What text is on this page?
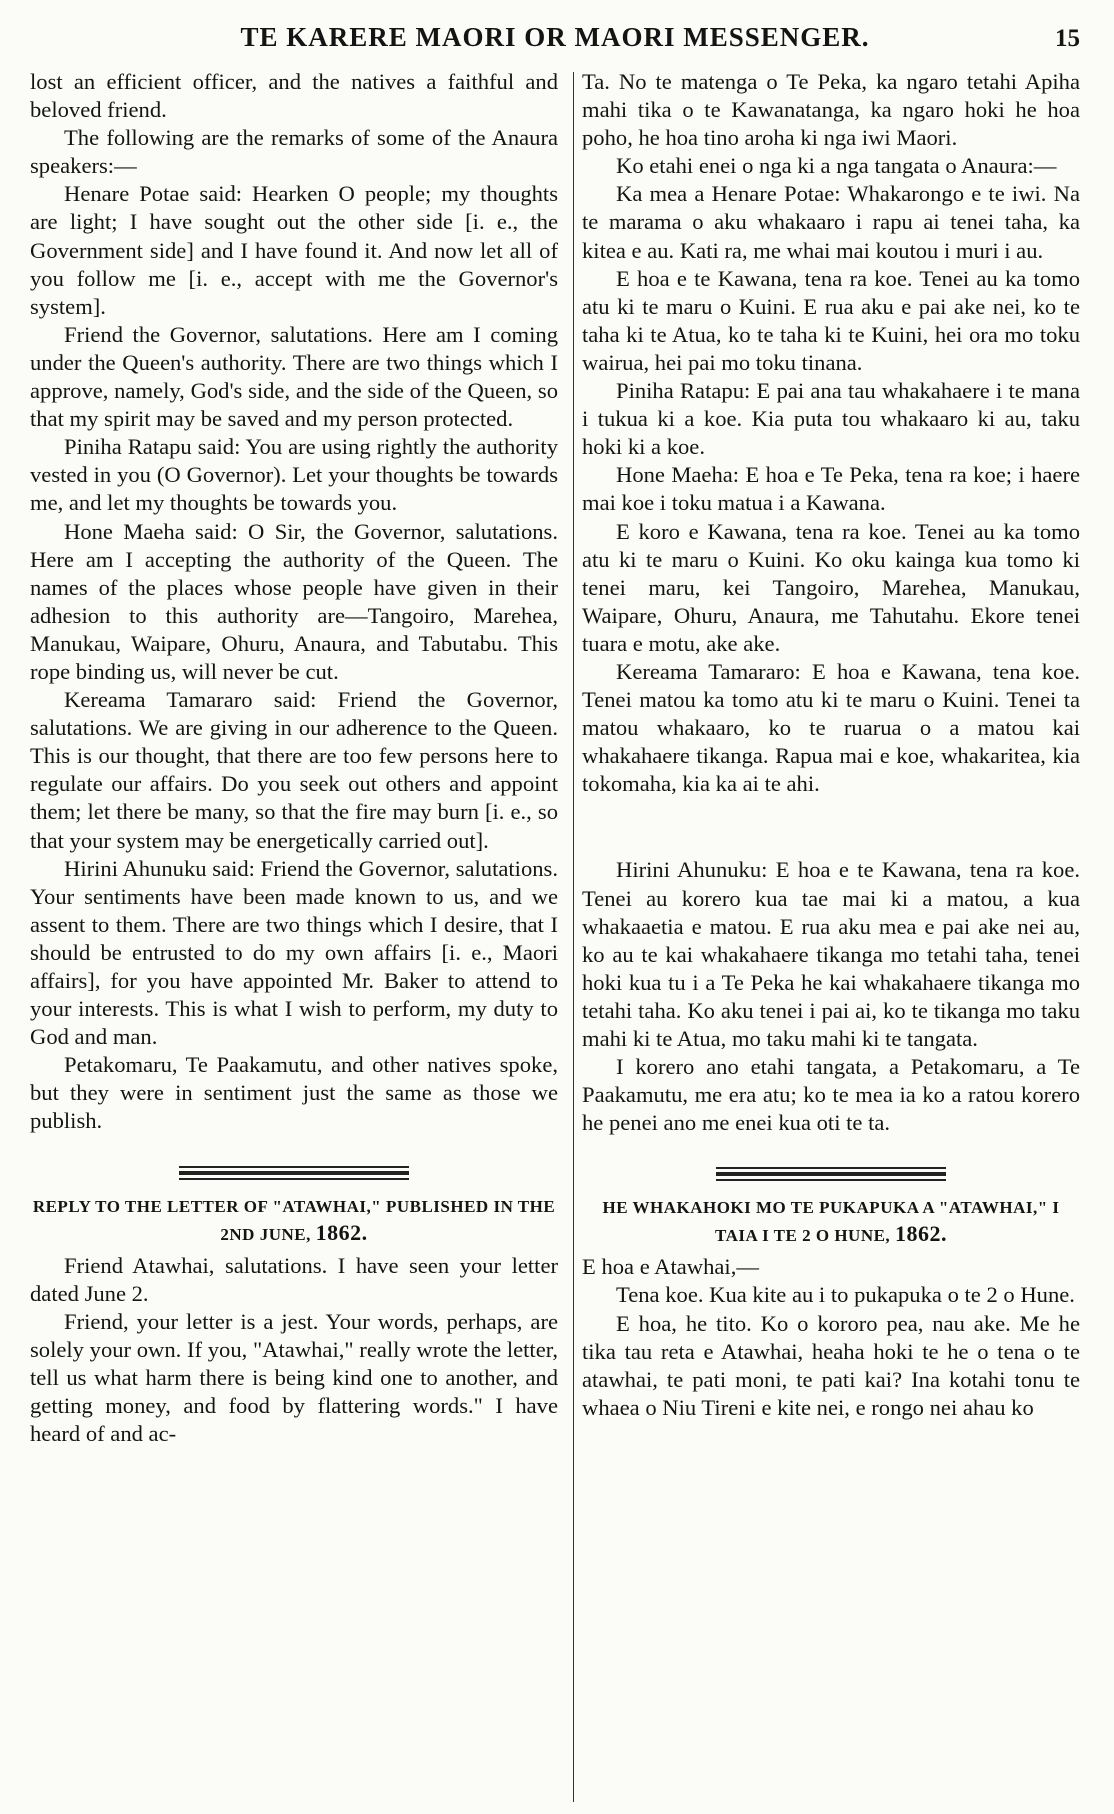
TE KARERE MAORI OR MAORI MESSENGER.	15

lost an efficient officer, and the natives a faithful and beloved friend.

The following are the remarks of some of the Anaura speakers:—

Henare Potae said: Hearken O people; my thoughts are light; I have sought out the other side [i. e., the Government side] and I have found it. And now let all of you follow me [i. e., accept with me the Governor's system].

Friend the Governor, salutations. Here am I coming under the Queen's authority. There are two things which I approve, namely, God's side, and the side of the Queen, so that my spirit may be saved and my person protected.

Piniha Ratapu said: You are using rightly the authority vested in you (O Governor). Let your thoughts be towards me, and let my thoughts be towards you.

Hone Maeha said: O Sir, the Governor, salutations. Here am I accepting the authority of the Queen. The names of the places whose people have given in their adhesion to this authority are—Tangoiro, Marehea, Manukau, Waipare, Ohuru, Anaura, and Tabutabu. This rope binding us, will never be cut.

Kereama Tamararo said: Friend the Governor, salutations. We are giving in our adherence to the Queen. This is our thought, that there are too few persons here to regulate our affairs. Do you seek out others and appoint them; let there be many, so that the fire may burn [i. e., so that your system may be energetically carried out].

Hirini Ahunuku said: Friend the Governor, salutations. Your sentiments have been made known to us, and we assent to them. There are two things which I desire, that I should be entrusted to do my own affairs [i. e., Maori affairs], for you have appointed Mr. Baker to attend to your interests. This is what I wish to perform, my duty to God and man.

Petakomaru, Te Paakamutu, and other natives spoke, but they were in sentiment just the same as those we publish.

REPLY TO THE LETTER OF "ATAWHAI," PUBLISHED IN THE 2ND JUNE, 1862.

Friend Atawhai, salutations. I have seen your letter dated June 2.

Friend, your letter is a jest. Your words, perhaps, are solely your own. If you, "Atawhai," really wrote the letter, tell us what harm there is being kind one to another, and getting money, and food by flattering words." I have heard of and ac-

Ta. No te matenga o Te Peka, ka ngaro tetahi Apiha mahi tika o te Kawanatanga, ka ngaro hoki he hoa poho, he hoa tino aroha ki nga iwi Maori.

Ko etahi enei o nga ki a nga tangata o Anaura:—

Ka mea a Henare Potae: Whakarongo e te iwi. Na te marama o aku whakaaro i rapu ai tenei taha, ka kitea e au. Kati ra, me whai mai koutou i muri i au.

E hoa e te Kawana, tena ra koe. Tenei au ka tomo atu ki te maru o Kuini. E rua aku e pai ake nei, ko te taha ki te Atua, ko te taha ki te Kuini, hei ora mo toku wairua, hei pai mo toku tinana.

Piniha Ratapu: E pai ana tau whakahaere i te mana i tukua ki a koe. Kia puta tou whakaaro ki au, taku hoki ki a koe.

Hone Maeha: E hoa e Te Peka, tena ra koe; i haere mai koe i toku matua i a Kawana.

E koro e Kawana, tena ra koe. Tenei au ka tomo atu ki te maru o Kuini. Ko oku kainga kua tomo ki tenei maru, kei Tangoiro, Marehea, Manukau, Waipare, Ohuru, Anaura, me Tahutahu. Ekore tenei tuara e motu, ake ake.

Kereama Tamararo: E hoa e Kawana, tena koe. Tenei matou ka tomo atu ki te maru o Kuini. Tenei ta matou whakaaro, ko te ruarua o a matou kai whakahaere tikanga. Rapua mai e koe, whakaritea, kia tokomaha, kia ka ai te ahi.

Hirini Ahunuku: E hoa e te Kawana, tena ra koe. Tenei au korero kua tae mai ki a matou, a kua whakaaetia e matou. E rua aku mea e pai ake nei au, ko au te kai whakahaere tikanga mo tetahi taha, tenei hoki kua tu i a Te Peka he kai whakahaere tikanga mo tetahi taha. Ko aku tenei i pai ai, ko te tikanga mo taku mahi ki te Atua, mo taku mahi ki te tangata.

I korero ano etahi tangata, a Petakomaru, a Te Paakamutu, me era atu; ko te mea ia ko a ratou korero he penei ano me enei kua oti te ta.

HE WHAKAHOKI MO TE PUKAPUKA A "ATAWHAI," I TAIA I TE 2 O HUNE, 1862.

E hoa e Atawhai,—

Tena koe. Kua kite au i to pukapuka o te 2 o Hune.

E hoa, he tito. Ko o kororo pea, nau ake. Me he tika tau reta e Atawhai, heaha hoki te he o tena o te atawhai, te pati moni, te pati kai? Ina kotahi tonu te whaea o Niu Tireni e kite nei, e rongo nei ahau ko
